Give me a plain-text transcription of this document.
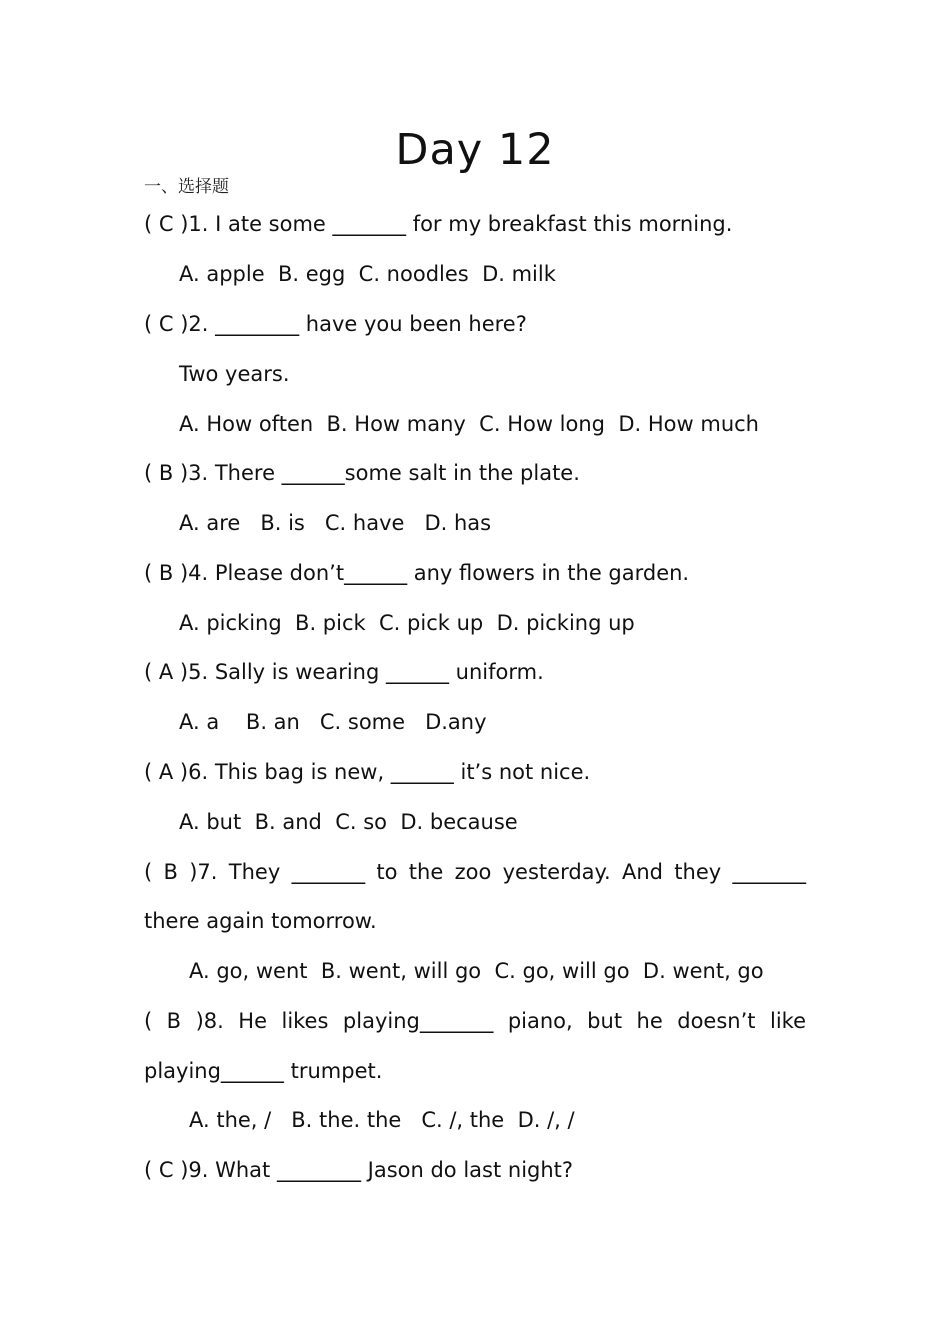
Day 12
一、选择题
( C )1. I ate some _______ for my breakfast this morning.
A. apple  B. egg  C. noodles  D. milk
( C )2. ________ have you been here?
Two years.
A. How often  B. How many  C. How long  D. How much
( B )3. There ______some salt in the plate.
A. are   B. is   C. have   D. has
( B )4. Please don’t______ any flowers in the garden.
A. picking  B. pick  C. pick up  D. picking up
( A )5. Sally is wearing ______ uniform.
A. a    B. an   C. some   D.any
( A )6. This bag is new, ______ it’s not nice.
A. but  B. and  C. so  D. because
( B )7. They _______ to the zoo yesterday. And they _______
there again tomorrow.
A. go, went  B. went, will go  C. go, will go  D. went, go
( B )8. He likes playing_______ piano, but he doesn’t like
playing______ trumpet.
A. the, /   B. the. the   C. /, the  D. /, /
( C )9. What ________ Jason do last night?
